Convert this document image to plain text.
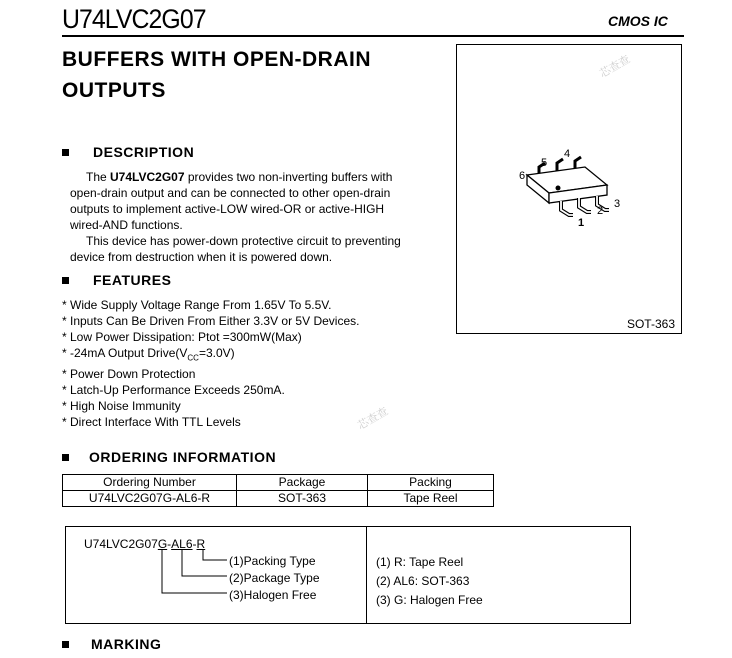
U74LVC2G07	CMOS IC
BUFFERS WITH OPEN-DRAIN
OUTPUTS
芯查查
芯查查
DESCRIPTION
The U74LVC2G07 provides two non-inverting buffers with
open-drain output and can be connected to other open-drain
outputs to implement active-LOW wired-OR or active-HIGH
wired-AND functions.
This device has power-down protective circuit to preventing
device from destruction when it is powered down.
FEATURES
* Wide Supply Voltage Range From 1.65V To 5.5V.
* Inputs Can Be Driven From Either 3.3V or 5V Devices.
* Low Power Dissipation: Ptot =300mW(Max)
* -24mA Output $Drive(V_{CC}=3.0V)$
* Power Down Protection
* Latch-Up Performance Exceeds 250mA.
* High Noise Immunity
* Direct Interface With TTL Levels
1
2
3
4
5
6
SOT-363
ORDERING INFORMATION
Ordering Number	Package	Packing
U74LVC2G07G-AL6-R	SOT-363	Tape Reel
U74LVC2G07G-AL6-R
(1)Packing Type
(2)Package Type
(3)Halogen Free
(1) R: Tape Reel
(2) AL6: SOT-363
(3) G: Halogen Free
MARKING
